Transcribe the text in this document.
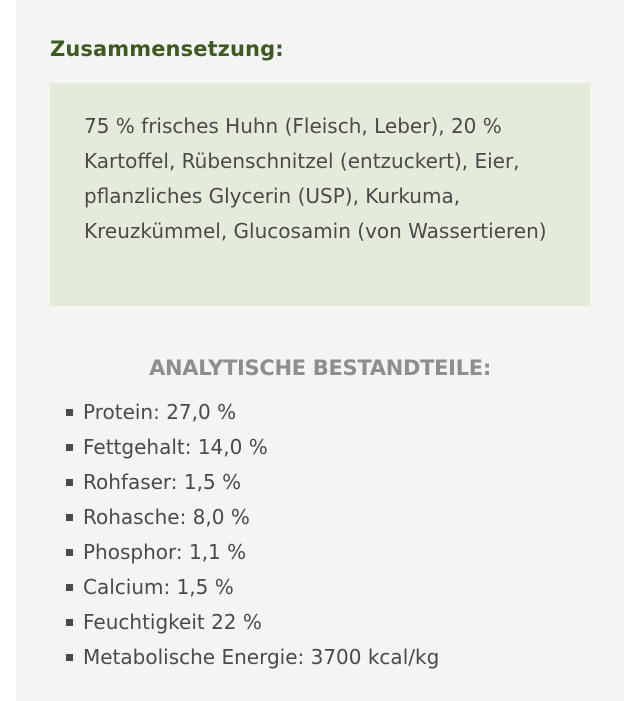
Zusammensetzung:

75 % frisches Huhn (Fleisch, Leber), 20 % Kartoffel, Rübenschnitzel (entzuckert), Eier, pflanzliches Glycerin (USP), Kurkuma, Kreuzkümmel, Glucosamin (von Wassertieren)

ANALYTISCHE BESTANDTEILE:
Protein: 27,0 %
Fettgehalt: 14,0 %
Rohfaser: 1,5 %
Rohasche: 8,0 %
Phosphor: 1,1 %
Calcium: 1,5 %
Feuchtigkeit 22 %
Metabolische Energie: 3700 kcal/kg
